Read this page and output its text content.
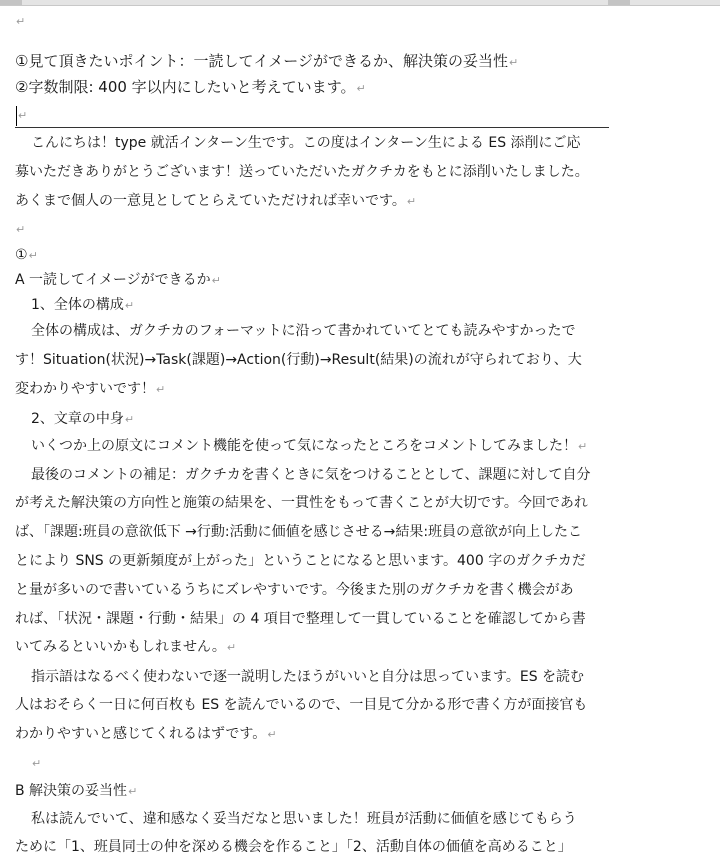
↵
①見て頂きたいポイント：一読してイメージができるか、解決策の妥当性↵
②字数制限: 400 字以内にしたいと考えています。↵
↵
こんにちは！type 就活インターン生です。この度はインターン生による ES 添削にご応
募いただきありがとうございます！送っていただいたガクチカをもとに添削いたしました。
あくまで個人の一意見としてとらえていただければ幸いです。↵
↵
①↵
A 一読してイメージができるか↵
1、全体の構成↵
全体の構成は、ガクチカのフォーマットに沿って書かれていてとても読みやすかったで
す！Situation(状況)→Task(課題)→Action(行動)→Result(結果)の流れが守られており、大
変わかりやすいです！↵
2、文章の中身↵
いくつか上の原文にコメント機能を使って気になったところをコメントしてみました！↵
最後のコメントの補足：ガクチカを書くときに気をつけることとして、課題に対して自分
が考えた解決策の方向性と施策の結果を、一貫性をもって書くことが大切です。今回であれ
ば、「課題:班員の意欲低下 →行動:活動に価値を感じさせる→結果:班員の意欲が向上したこ
とにより SNS の更新頻度が上がった」ということになると思います。400 字のガクチカだ
と量が多いので書いているうちにズレやすいです。今後また別のガクチカを書く機会があ
れば、「状況・課題・行動・結果」の 4 項目で整理して一貫していることを確認してから書
いてみるといいかもしれません。↵
指示語はなるべく使わないで逐一説明したほうがいいと自分は思っています。ES を読む
人はおそらく一日に何百枚も ES を読んでいるので、一目見て分かる形で書く方が面接官も
わかりやすいと感じてくれるはずです。↵
↵
B 解決策の妥当性↵
私は読んでいて、違和感なく妥当だなと思いました！班員が活動に価値を感じてもらう
ために「1、班員同士の仲を深める機会を作ること」「2、活動自体の価値を高めること」
